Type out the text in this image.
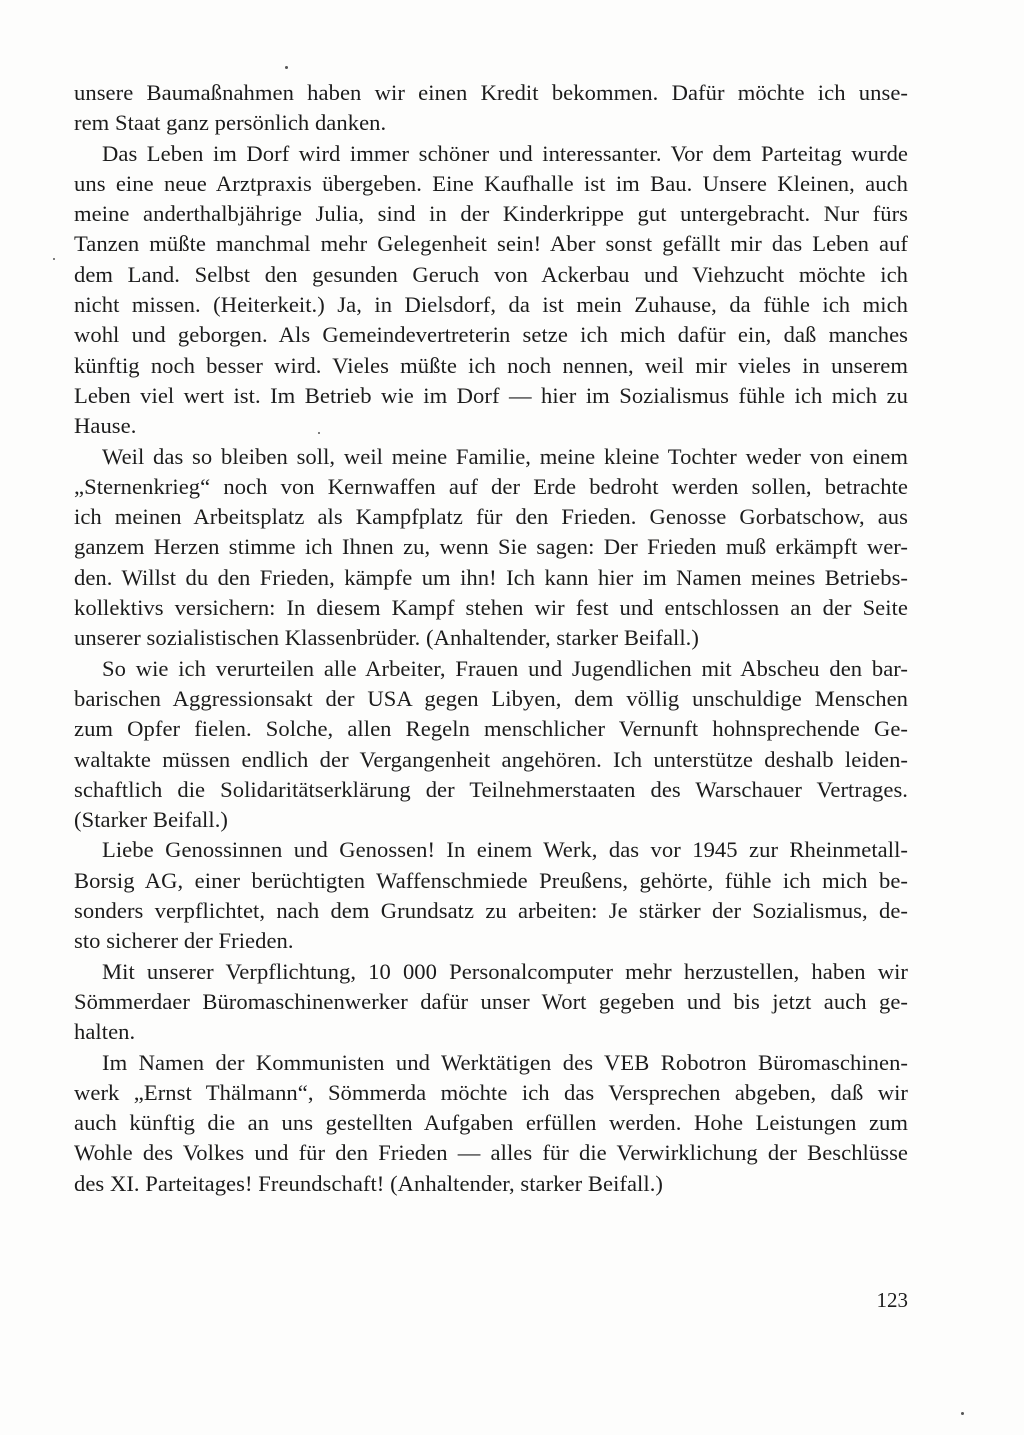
unsere Baumaßnahmen haben wir einen Kredit bekommen. Dafür möchte ich unse-
rem Staat ganz persönlich danken.
Das Leben im Dorf wird immer schöner und interessanter. Vor dem Parteitag wurde
uns eine neue Arztpraxis übergeben. Eine Kaufhalle ist im Bau. Unsere Kleinen, auch
meine anderthalbjährige Julia, sind in der Kinderkrippe gut untergebracht. Nur fürs
Tanzen müßte manchmal mehr Gelegenheit sein! Aber sonst gefällt mir das Leben auf
dem Land. Selbst den gesunden Geruch von Ackerbau und Viehzucht möchte ich
nicht missen. (Heiterkeit.) Ja, in Dielsdorf, da ist mein Zuhause, da fühle ich mich
wohl und geborgen. Als Gemeindevertreterin setze ich mich dafür ein, daß manches
künftig noch besser wird. Vieles müßte ich noch nennen, weil mir vieles in unserem
Leben viel wert ist. Im Betrieb wie im Dorf — hier im Sozialismus fühle ich mich zu
Hause.
Weil das so bleiben soll, weil meine Familie, meine kleine Tochter weder von einem
„Sternenkrieg“ noch von Kernwaffen auf der Erde bedroht werden sollen, betrachte
ich meinen Arbeitsplatz als Kampfplatz für den Frieden. Genosse Gorbatschow, aus
ganzem Herzen stimme ich Ihnen zu, wenn Sie sagen: Der Frieden muß erkämpft wer-
den. Willst du den Frieden, kämpfe um ihn! Ich kann hier im Namen meines Betriebs-
kollektivs versichern: In diesem Kampf stehen wir fest und entschlossen an der Seite
unserer sozialistischen Klassenbrüder. (Anhaltender, starker Beifall.)
So wie ich verurteilen alle Arbeiter, Frauen und Jugendlichen mit Abscheu den bar-
barischen Aggressionsakt der USA gegen Libyen, dem völlig unschuldige Menschen
zum Opfer fielen. Solche, allen Regeln menschlicher Vernunft hohnsprechende Ge-
waltakte müssen endlich der Vergangenheit angehören. Ich unterstütze deshalb leiden-
schaftlich die Solidaritätserklärung der Teilnehmerstaaten des Warschauer Vertrages.
(Starker Beifall.)
Liebe Genossinnen und Genossen! In einem Werk, das vor 1945 zur Rheinmetall-
Borsig AG, einer berüchtigten Waffenschmiede Preußens, gehörte, fühle ich mich be-
sonders verpflichtet, nach dem Grundsatz zu arbeiten: Je stärker der Sozialismus, de-
sto sicherer der Frieden.
Mit unserer Verpflichtung, 10 000 Personalcomputer mehr herzustellen, haben wir
Sömmerdaer Büromaschinenwerker dafür unser Wort gegeben und bis jetzt auch ge-
halten.
Im Namen der Kommunisten und Werktätigen des VEB Robotron Büromaschinen-
werk „Ernst Thälmann“, Sömmerda möchte ich das Versprechen abgeben, daß wir
auch künftig die an uns gestellten Aufgaben erfüllen werden. Hohe Leistungen zum
Wohle des Volkes und für den Frieden — alles für die Verwirklichung der Beschlüsse
des XI. Parteitages! Freundschaft! (Anhaltender, starker Beifall.)
123
